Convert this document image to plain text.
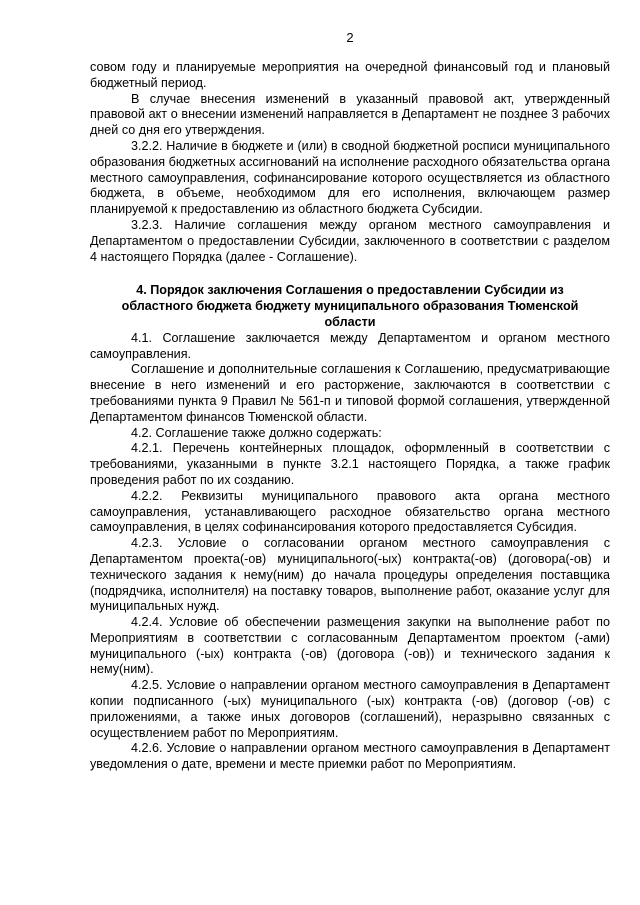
2

совом году и планируемые мероприятия на очередной финансовый год и плановый бюджетный период.

В случае внесения изменений в указанный правовой акт, утвержденный правовой акт о внесении изменений направляется в Департамент не позднее 3 рабочих дней со дня его утверждения.

3.2.2. Наличие в бюджете и (или) в сводной бюджетной росписи муниципального образования бюджетных ассигнований на исполнение расходного обязательства органа местного самоуправления, софинансирование которого осуществляется из областного бюджета, в объеме, необходимом для его исполнения, включающем размер планируемой к предоставлению из областного бюджета Субсидии.

3.2.3. Наличие соглашения между органом местного самоуправления и Департаментом о предоставлении Субсидии, заключенного в соответствии с разделом 4 настоящего Порядка (далее - Соглашение).

4. Порядок заключения Соглашения о предоставлении Субсидии из областного бюджета бюджету муниципального образования Тюменской области

4.1. Соглашение заключается между Департаментом и органом местного самоуправления.

Соглашение и дополнительные соглашения к Соглашению, предусматривающие внесение в него изменений и его расторжение, заключаются в соответствии с требованиями пункта 9 Правил № 561-п и типовой формой соглашения, утвержденной Департаментом финансов Тюменской области.

4.2. Соглашение также должно содержать:

4.2.1. Перечень контейнерных площадок, оформленный в соответствии с требованиями, указанными в пункте 3.2.1 настоящего Порядка, а также график проведения работ по их созданию.

4.2.2. Реквизиты муниципального правового акта органа местного самоуправления, устанавливающего расходное обязательство органа местного самоуправления, в целях софинансирования которого предоставляется Субсидия.

4.2.3. Условие о согласовании органом местного самоуправления с Департаментом проекта(-ов) муниципального(-ых) контракта(-ов) (договора(-ов) и технического задания к нему(ним) до начала процедуры определения поставщика (подрядчика, исполнителя) на поставку товаров, выполнение работ, оказание услуг для муниципальных нужд.

4.2.4. Условие об обеспечении размещения закупки на выполнение работ по Мероприятиям в соответствии с согласованным Департаментом проектом (-ами) муниципального (-ых) контракта (-ов) (договора (-ов)) и технического задания к нему(ним).

4.2.5. Условие о направлении органом местного самоуправления в Департамент копии подписанного (-ых) муниципального (-ых) контракта (-ов) (договор (-ов) с приложениями, а также иных договоров (соглашений), неразрывно связанных с осуществлением работ по Мероприятиям.

4.2.6. Условие о направлении органом местного самоуправления в Департамент уведомления о дате, времени и месте приемки работ по Мероприятиям.
